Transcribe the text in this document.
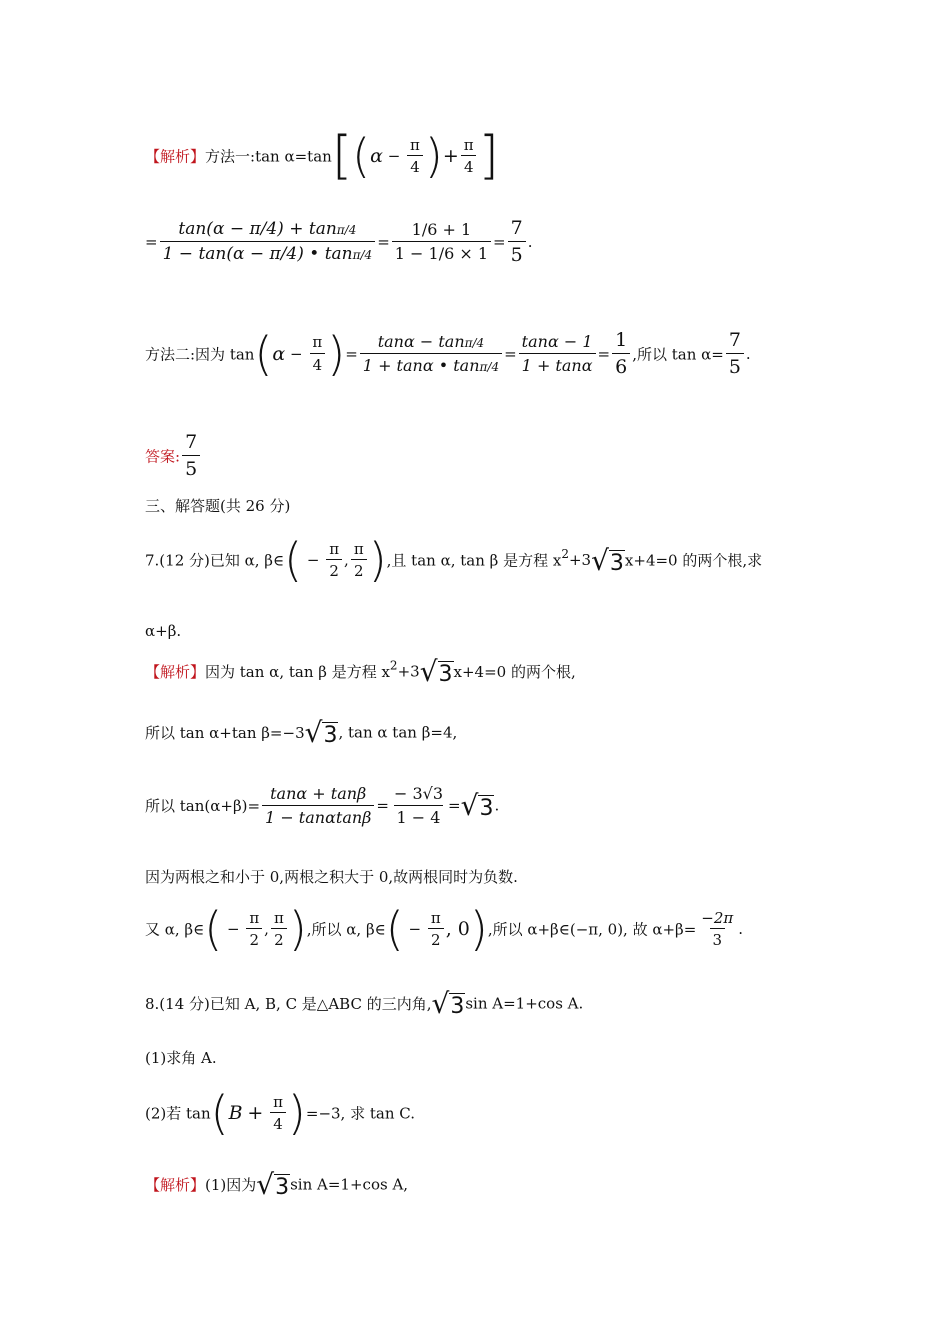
【解析】方法一:tan $\alpha=\tan[(\alpha - \frac{\pi}{4}$ )+ $\frac{\pi}{4}$ ]
= $\frac{\tan(\alpha - \pi/4) + \tan\pi/4}{1 - \tan(\alpha - \pi/4) • \tan\pi/4} = \frac{1/6 + 1}{1 - 1/6 \times 1} = \frac{7}{5}$ .
方法二:因为 $\tan(\alpha - \frac{\pi}{4}$ )= $\frac{\tan\alpha - \tan\pi/4}{1 + \tan\alpha • \tan\pi/4} = \frac{\tan\alpha - 1}{1 + \tan\alpha} = \frac{1}{6}$ ,所以 $\tan \alpha= \frac{7}{5}$ .
答案: $\frac{7}{5}$
三、解答题(共 26 分)
7.(12 分)已知 α, β∈( − $\frac{\pi}{2}$ , $\frac{\pi}{2}$ ),且 tan α, tan β 是方程 $x^2+3√3x+4=0$ 的两个根,求
α+β.
【解析】因为 tan α, tan β 是方程 $x^2+3√3x+4=0$ 的两个根,
所以 tan α+tan β=−3√3, tan α tan β=4,
所以 $\tan(\alpha+\beta)= \frac{\tan\alpha + \tan\beta}{1 - \tan\alpha\tan\beta} = \frac{- 3√3}{1 - 4} =√3$.
因为两根之和小于 0,两根之积大于 0,故两根同时为负数.
又 α, β∈( − $\frac{\pi}{2}$ , $\frac{\pi}{2}$ ),所以 α, β∈( − $\frac{\pi}{2}$ , 0),所以 α+β∈(−π, 0), 故 $\alpha+\beta= \frac{-2\pi}{3}$ .
8.(14 分)已知 A, B, C 是△ABC 的三内角,√3sin A=1+cos A.
(1)求角 A.
(2)若 $\tan(B + \frac{\pi}{4} )=-3$, 求 tan C.
【解析】(1)因为√3sin A=1+cos A,
